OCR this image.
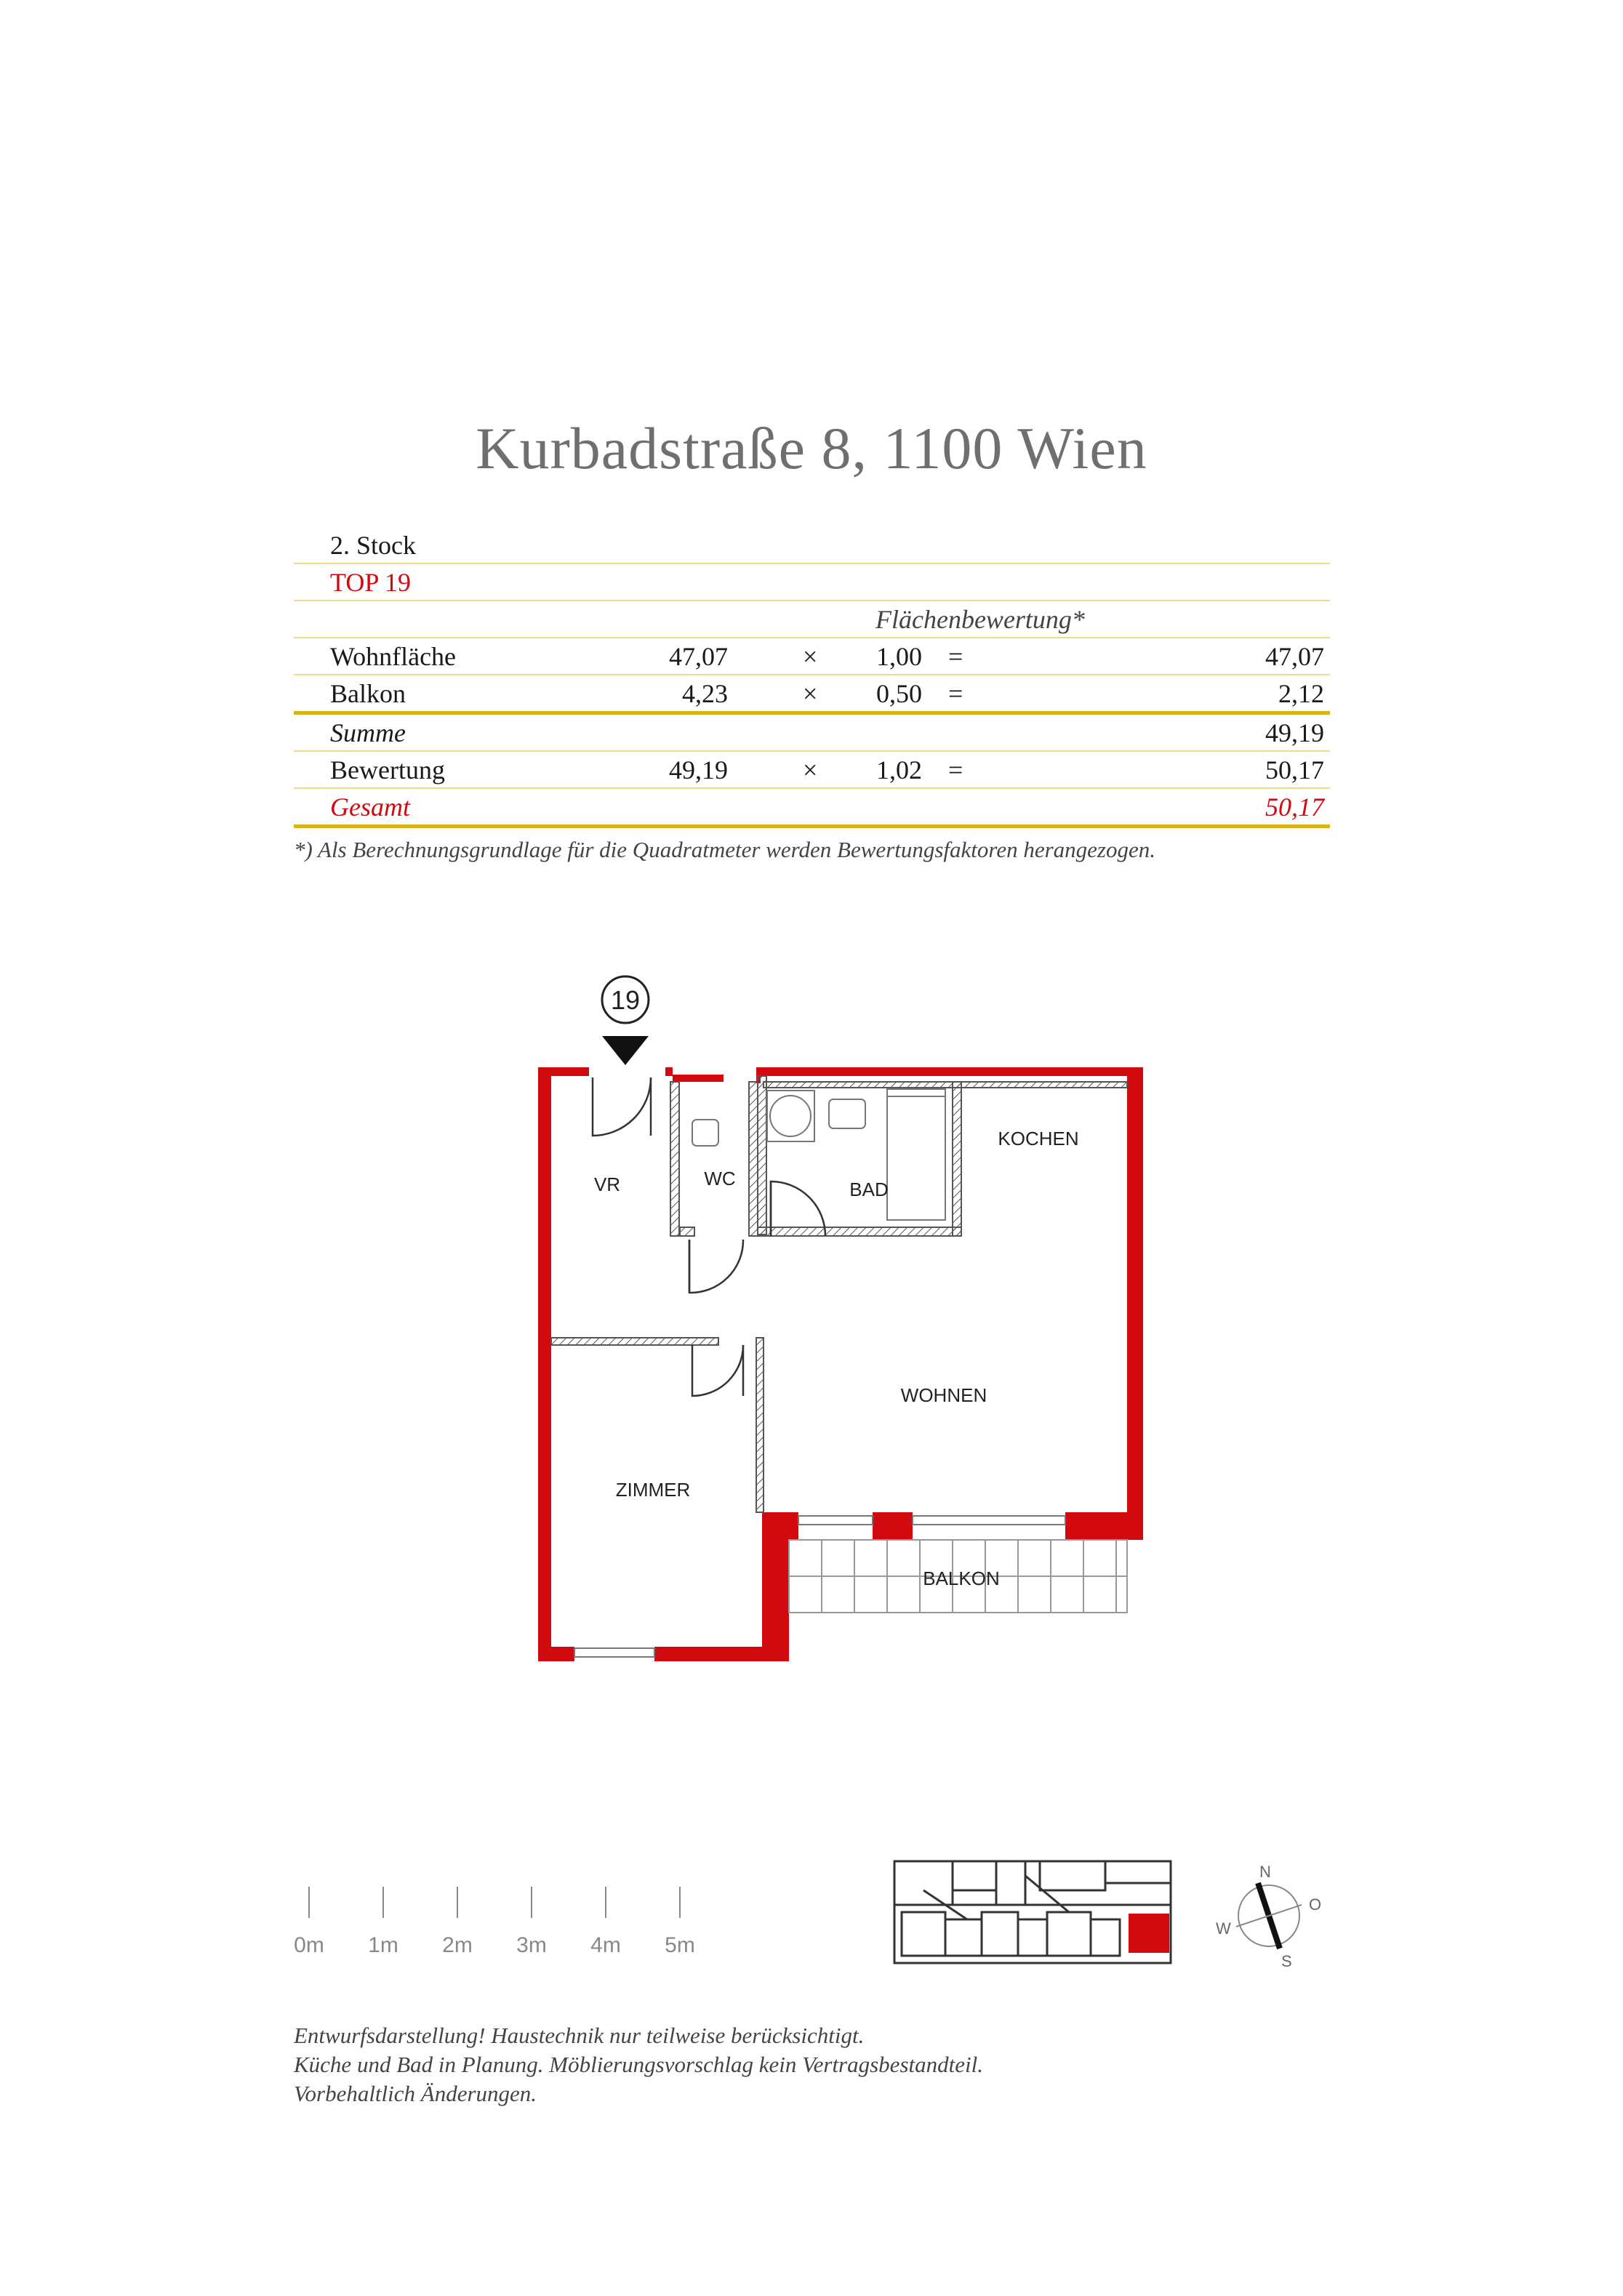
Kurbadstraße 8, 1100 Wien
2. Stock
TOP 19
Flächenbewertung*
Wohnfläche	47,07	× 1,00 =	47,07
Balkon	4,23	× 0,50 =	2,12
Summe	49,19
Bewertung	49,19	× 1,02 =	50,17
Gesamt	50,17
*) Als Berechnungsgrundlage für die Quadratmeter werden Bewertungsfaktoren herangezogen.
19
VR	WC	BAD
KOCHEN
WOHNEN
ZIMMER
BALKON
0m 1m 2m 3m 4m 5m
N
O
S
W
Entwurfsdarstellung! Haustechnik nur teilweise berücksichtigt.
Küche und Bad in Planung. Möblierungsvorschlag kein Vertragsbestandteil.
Vorbehaltlich Änderungen.
